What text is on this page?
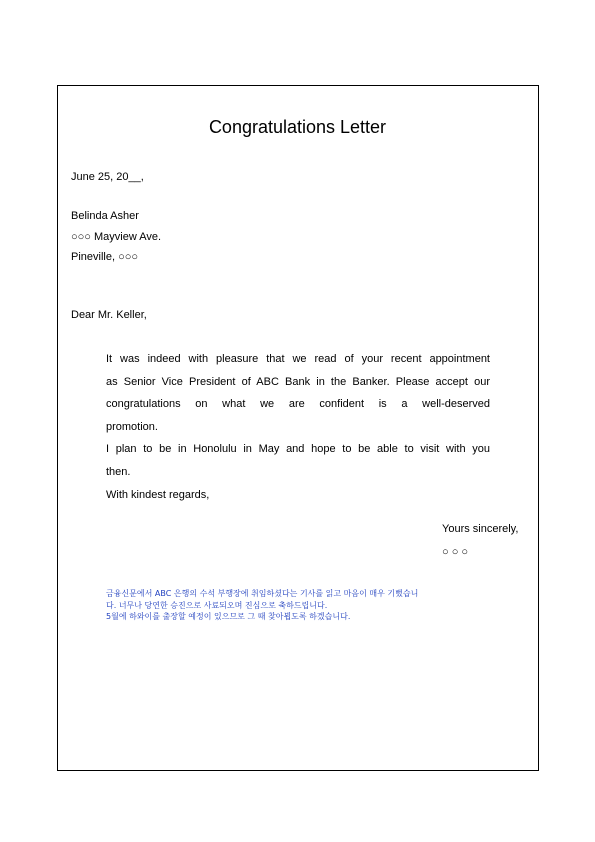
Congratulations Letter
June 25, 20__,
Belinda Asher
○○○ Mayview Ave.
Pineville, ○○○
Dear Mr. Keller,

It was indeed with pleasure that we read of your recent appointment

as Senior Vice President of ABC Bank in the Banker. Please accept our

congratulations on what we are confident is a well-deserved

promotion.

I plan to be in Honolulu in May and hope to be able to visit with you

then.

With kindest regards,

Yours sincerely,
○ ○ ○

금융신문에서 ABC 은행의 수석 부행장에 취임하셨다는 기사를 읽고 마음이 매우 기뻤습니

다. 너무나 당연한 승진으로 사료되오며 진심으로 축하드립니다.

5월에 하와이를 출장할 예정이 있으므로 그 때 찾아뵙도록 하겠습니다.
